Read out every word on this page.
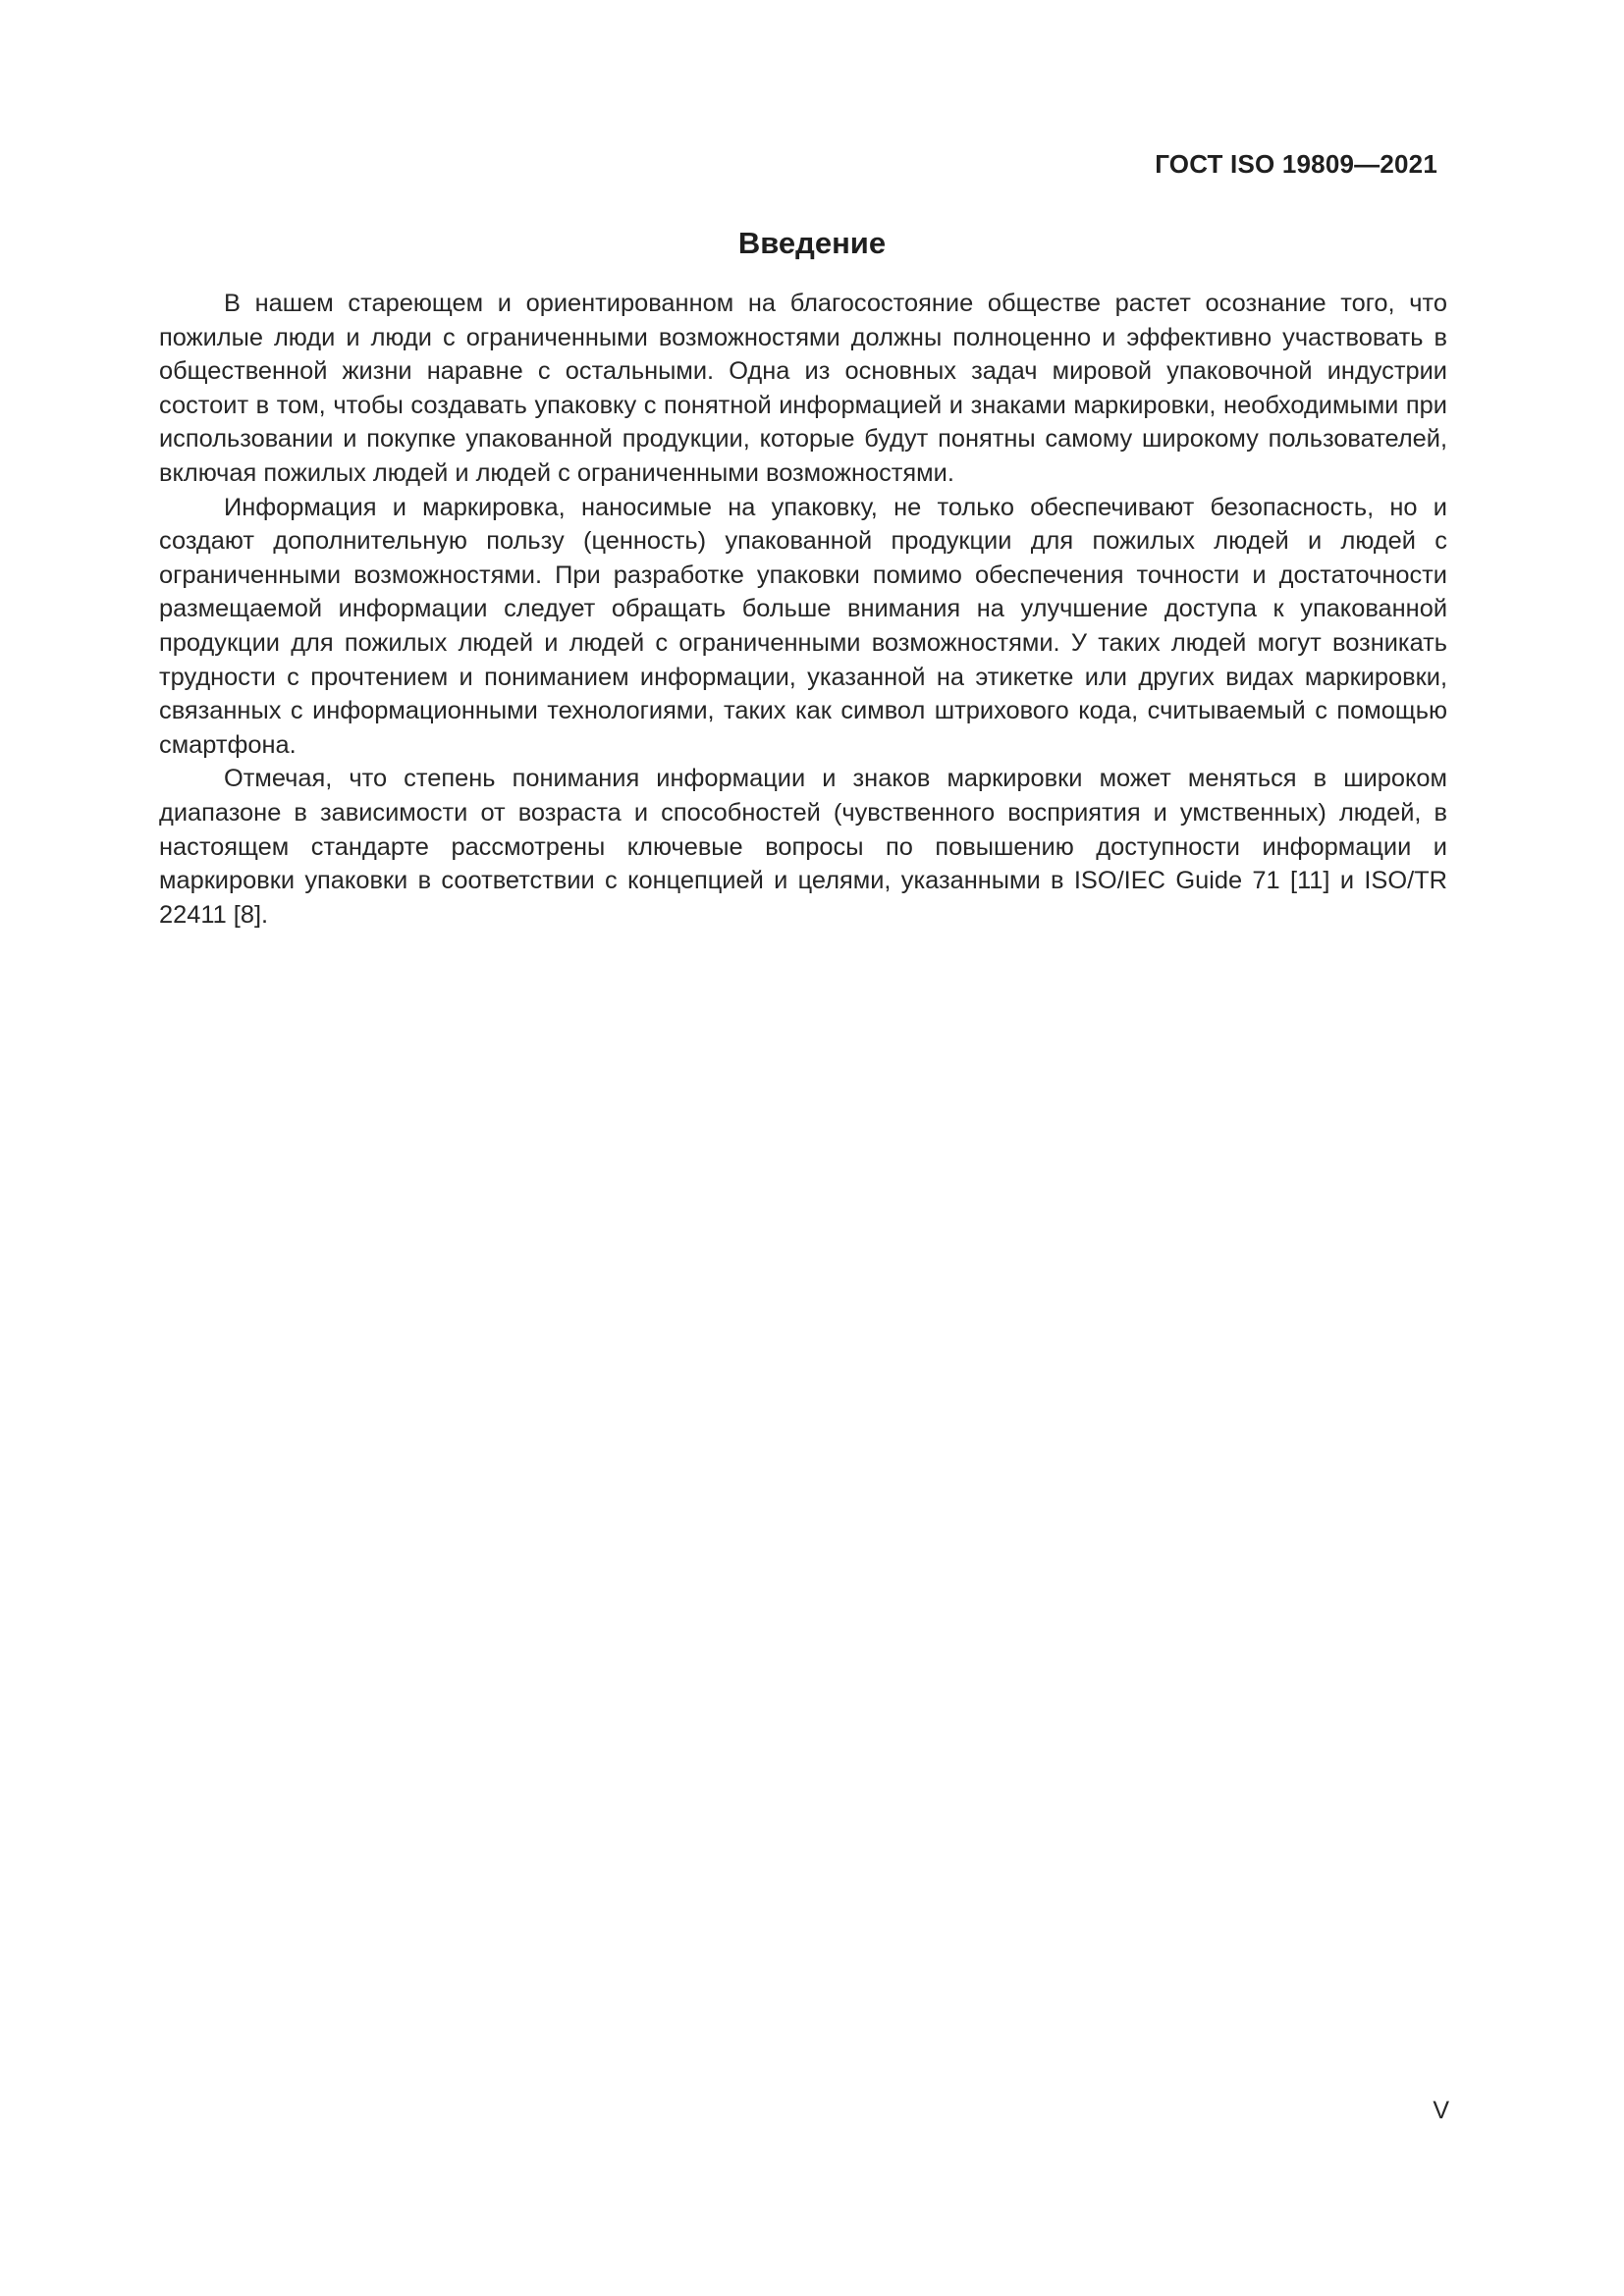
ГОСТ ISO 19809—2021
Введение

В нашем стареющем и ориентированном на благосостояние обществе растет осознание того, что пожилые люди и люди с ограниченными возможностями должны полноценно и эффективно участвовать в общественной жизни наравне с остальными. Одна из основных задач мировой упаковочной индустрии состоит в том, чтобы создавать упаковку с понятной информацией и знаками маркировки, необходимыми при использовании и покупке упакованной продукции, которые будут понятны самому широкому пользователей, включая пожилых людей и людей с ограниченными возможностями.

Информация и маркировка, наносимые на упаковку, не только обеспечивают безопасность, но и создают дополнительную пользу (ценность) упакованной продукции для пожилых людей и людей с ограниченными возможностями. При разработке упаковки помимо обеспечения точности и достаточности размещаемой информации следует обращать больше внимания на улучшение доступа к упакованной продукции для пожилых людей и людей с ограниченными возможностями. У таких людей могут возникать трудности с прочтением и пониманием информации, указанной на этикетке или других видах маркировки, связанных с информационными технологиями, таких как символ штрихового кода, считываемый с помощью смартфона.

Отмечая, что степень понимания информации и знаков маркировки может меняться в широком диапазоне в зависимости от возраста и способностей (чувственного восприятия и умственных) людей, в настоящем стандарте рассмотрены ключевые вопросы по повышению доступности информации и маркировки упаковки в соответствии с концепцией и целями, указанными в ISO/IEC Guide 71 [11] и ISO/TR 22411 [8].

V
